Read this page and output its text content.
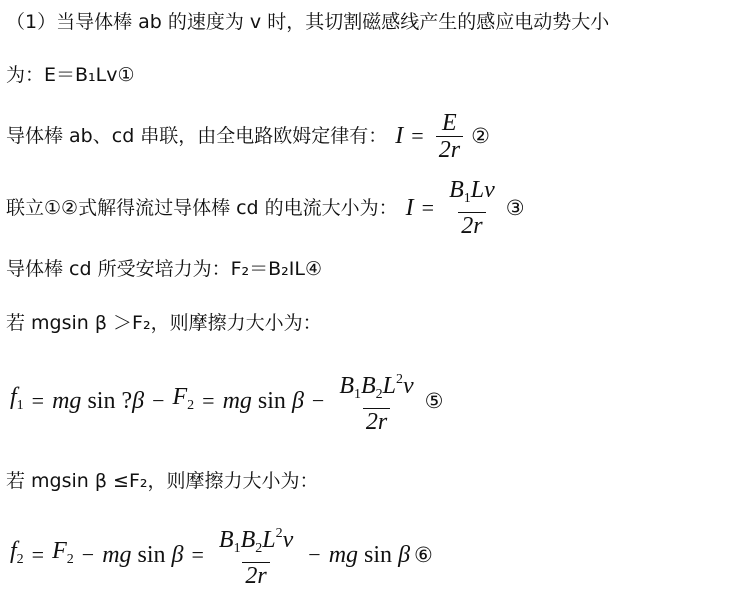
（1）当导体棒 ab 的速度为 v 时，其切割磁感线产生的感应电动势大小
为：E＝B₁Lv①
导体棒 ab、cd 串联，由全电路欧姆定律有： $I = \frac{E}{2r}$ ②
联立①②式解得流过导体棒 cd 的电流大小为： $I = \frac{B_1Lv}{2r}$ ③
导体棒 cd 所受安培力为：F₂＝B₂IL④
若 mgsin β ＞F₂，则摩擦力大小为：
$f_1$ = mg sin ? $\beta - F_2$ = mg $\sin \beta - \frac{B_1B_2L^2v}{2r}$ ⑤
若 mgsin β ≤F₂，则摩擦力大小为：
$f_2 = F_2$ − mg $\sin \beta = \frac{B_1B_2L^2v}{2r}$ − mg sin β ⑥
